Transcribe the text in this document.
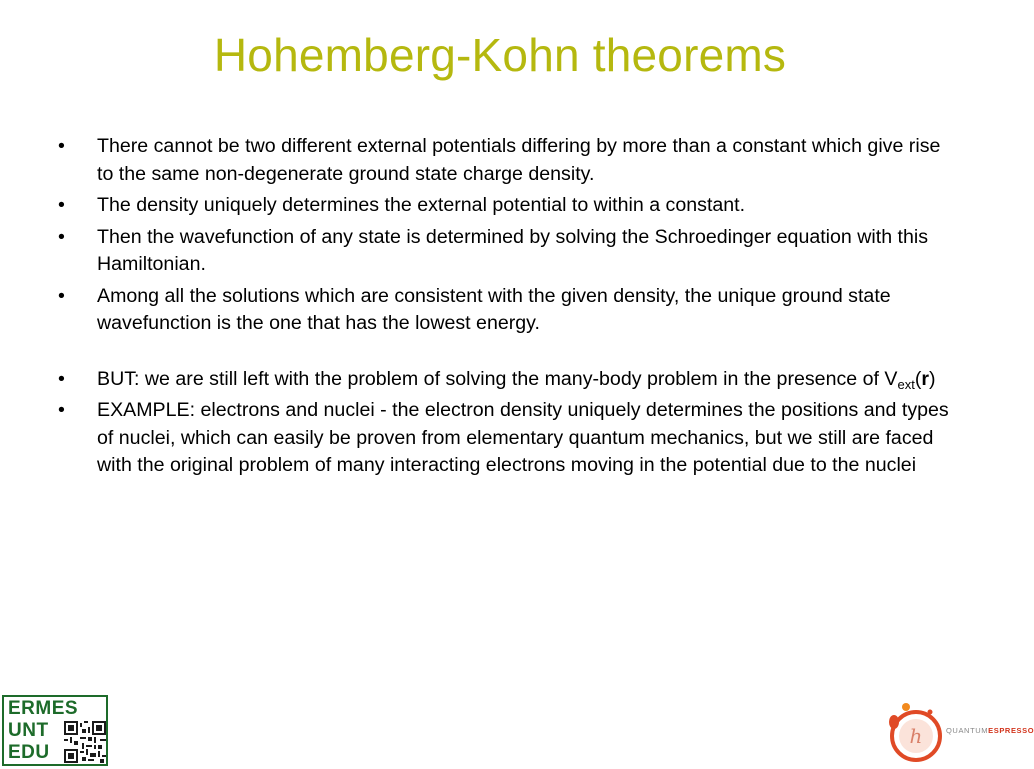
Hohemberg-Kohn theorems
• There cannot be two different external potentials differing by more than a constant which give rise to the same non-degenerate ground state charge density.
• The density uniquely determines the external potential to within a constant.
• Then the wavefunction of any state is determined by solving the Schroedinger equation with this Hamiltonian.
• Among all the solutions which are consistent with the given density, the unique ground state wavefunction is the one that has the lowest energy.
• BUT: we are still left with the problem of solving the many-body problem in the presence of $V_{ext}(r)$
• EXAMPLE: electrons and nuclei - the electron density uniquely determines the positions and types of nuclei, which can easily be proven from elementary quantum mechanics, but we still are faced with the original problem of many interacting electrons moving in the potential due to the nuclei
ERMES
UNT
EDU
h	QUANTUMESPRESSO
